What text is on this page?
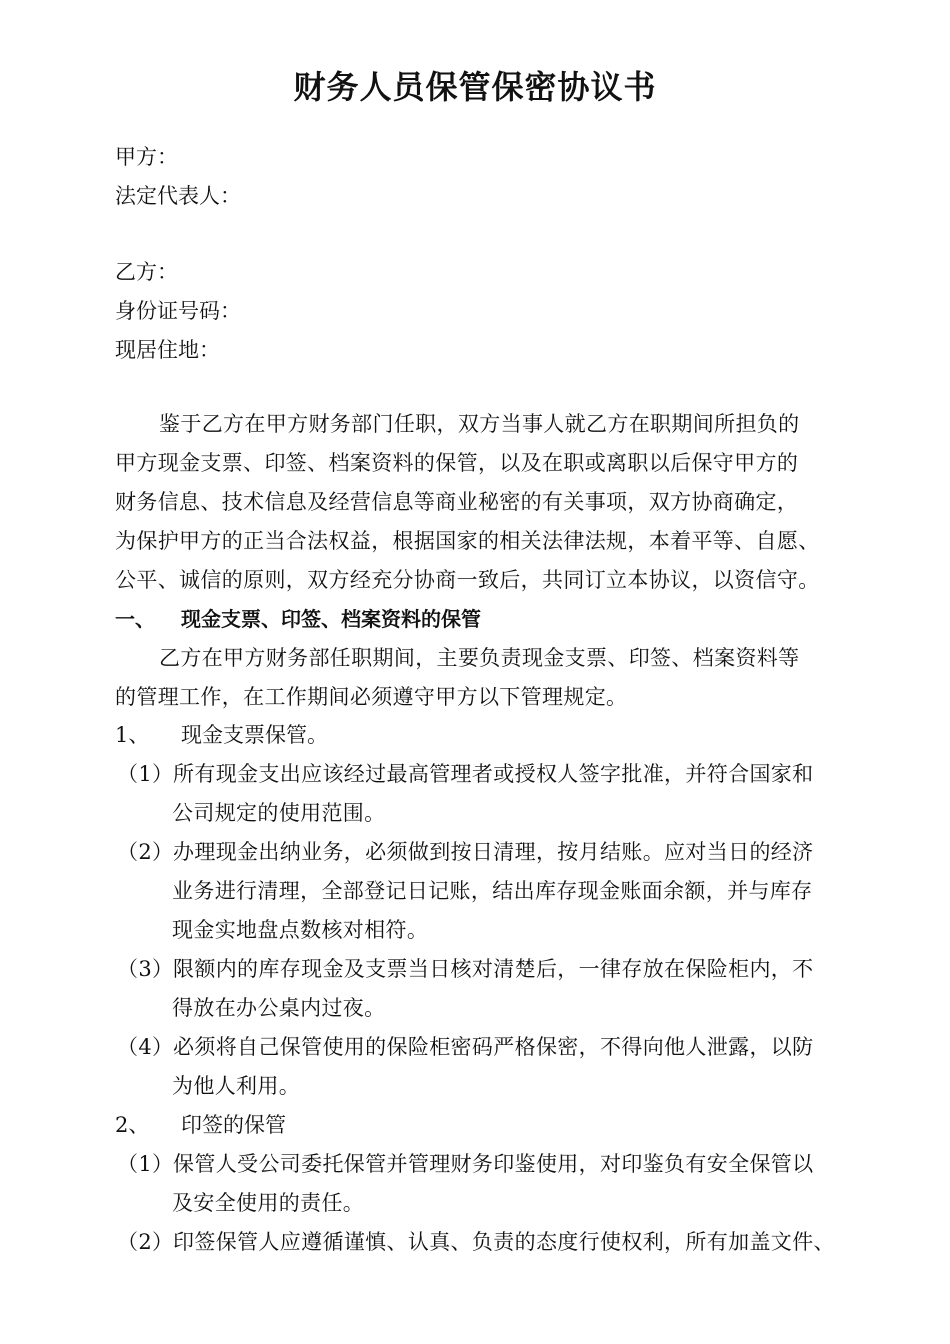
财务人员保管保密协议书
甲方：
法定代表人：
乙方：
身份证号码：
现居住地：
鉴于乙方在甲方财务部门任职，双方当事人就乙方在职期间所担负的
甲方现金支票、印签、档案资料的保管，以及在职或离职以后保守甲方的
财务信息、技术信息及经营信息等商业秘密的有关事项，双方协商确定，
为保护甲方的正当合法权益，根据国家的相关法律法规，本着平等、自愿、
公平、诚信的原则，双方经充分协商一致后，共同订立本协议，以资信守。
一、 现金支票、印签、档案资料的保管
乙方在甲方财务部任职期间，主要负责现金支票、印签、档案资料等
的管理工作，在工作期间必须遵守甲方以下管理规定。
1、 现金支票保管。
（1）所有现金支出应该经过最高管理者或授权人签字批准，并符合国家和
公司规定的使用范围。
（2）办理现金出纳业务，必须做到按日清理，按月结账。应对当日的经济
业务进行清理，全部登记日记账，结出库存现金账面余额，并与库存
现金实地盘点数核对相符。
（3）限额内的库存现金及支票当日核对清楚后，一律存放在保险柜内，不
得放在办公桌内过夜。
（4）必须将自己保管使用的保险柜密码严格保密，不得向他人泄露，以防
为他人利用。
2、 印签的保管
（1）保管人受公司委托保管并管理财务印鉴使用，对印鉴负有安全保管以
及安全使用的责任。
（2）印签保管人应遵循谨慎、认真、负责的态度行使权利，所有加盖文件、
